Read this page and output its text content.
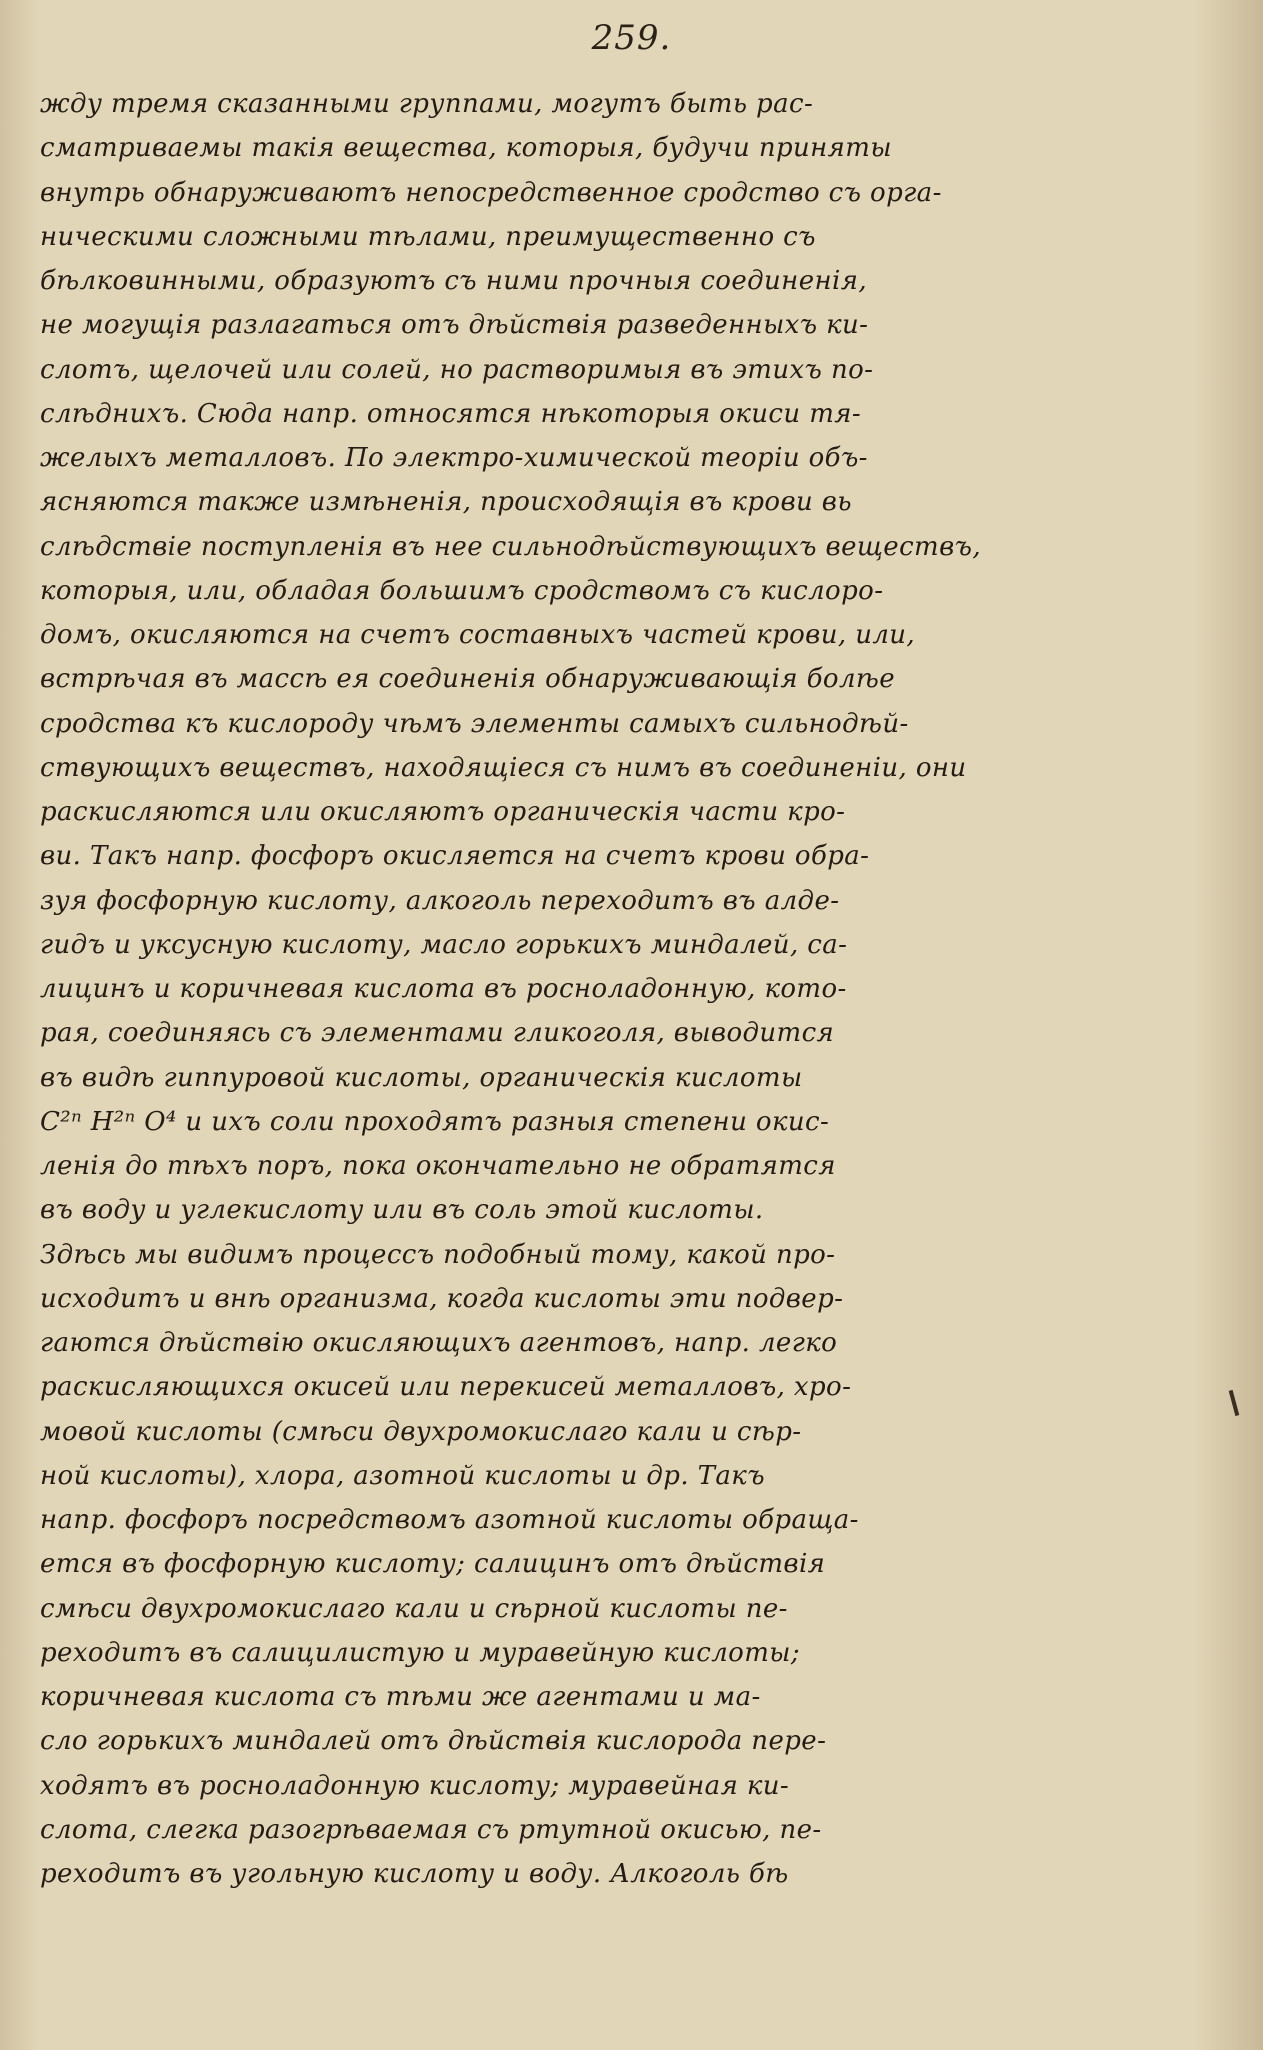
259.
жду тремя сказанными группами, могутъ быть рас-
сматриваемы такія вещества, которыя, будучи приняты
внутрь обнаруживаютъ непосредственное сродство съ орга-
ническими сложными тѣлами, преимущественно съ
бѣлковинными, образуютъ съ ними прочныя соединенія,
не могущія разлагаться отъ дѣйствія разведенныхъ ки-
слотъ, щелочей или солей, но растворимыя въ этихъ по-
слѣднихъ. Сюда напр. относятся нѣкоторыя окиси тя-
желыхъ металловъ. По электро-химической теоріи объ-
ясняются также измѣненія, происходящія въ крови вь
слѣдствіе поступленія въ нее сильнодѣйствующихъ веществъ,
которыя, или, обладая большимъ сродствомъ съ кислоро-
домъ, окисляются на счетъ составныхъ частей крови, или,
встрѣчая въ массѣ ея соединенія обнаруживающія болѣе
сродства къ кислороду чѣмъ элементы самыхъ сильнодѣй-
ствующихъ веществъ, находящіеся съ нимъ въ соединеніи, они
раскисляются или окисляютъ органическія части кро-
ви. Такъ напр. фосфоръ окисляется на счетъ крови обра-
зуя фосфорную кислоту, алкоголь переходитъ въ алде-
гидъ и уксусную кислоту, масло горькихъ миндалей, са-
лицинъ и коричневая кислота въ росноладонную, кото-
рая, соединяясь съ элементами гликоголя, выводится
въ видѣ гиппуровой кислоты, органическія кислоты
C²ⁿ H²ⁿ O⁴ и ихъ соли проходятъ разныя степени окис-
ленія до тѣхъ поръ, пока окончательно не обратятся
въ воду и углекислоту или въ соль этой кислоты.
Здѣсь мы видимъ процессъ подобный тому, какой про-
исходитъ и внѣ организма, когда кислоты эти подвер-
гаются дѣйствію окисляющихъ агентовъ, напр. легко
раскисляющихся окисей или перекисей металловъ, хро-
мовой кислоты (смѣси двухромокислаго кали и сѣр-
ной кислоты), хлора, азотной кислоты и др. Такъ
напр. фосфоръ посредствомъ азотной кислоты обраща-
ется въ фосфорную кислоту; салицинъ отъ дѣйствія
смѣси двухромокислаго кали и сѣрной кислоты пе-
реходитъ въ салицилистую и муравейную кислоты;
коричневая кислота съ тѣми же агентами и ма-
сло горькихъ миндалей отъ дѣйствія кислорода пере-
ходятъ въ росноладонную кислоту; муравейная ки-
слота, слегка разогрѣваемая съ ртутной окисью, пе-
реходитъ въ угольную кислоту и воду. Алкоголь бѣ
